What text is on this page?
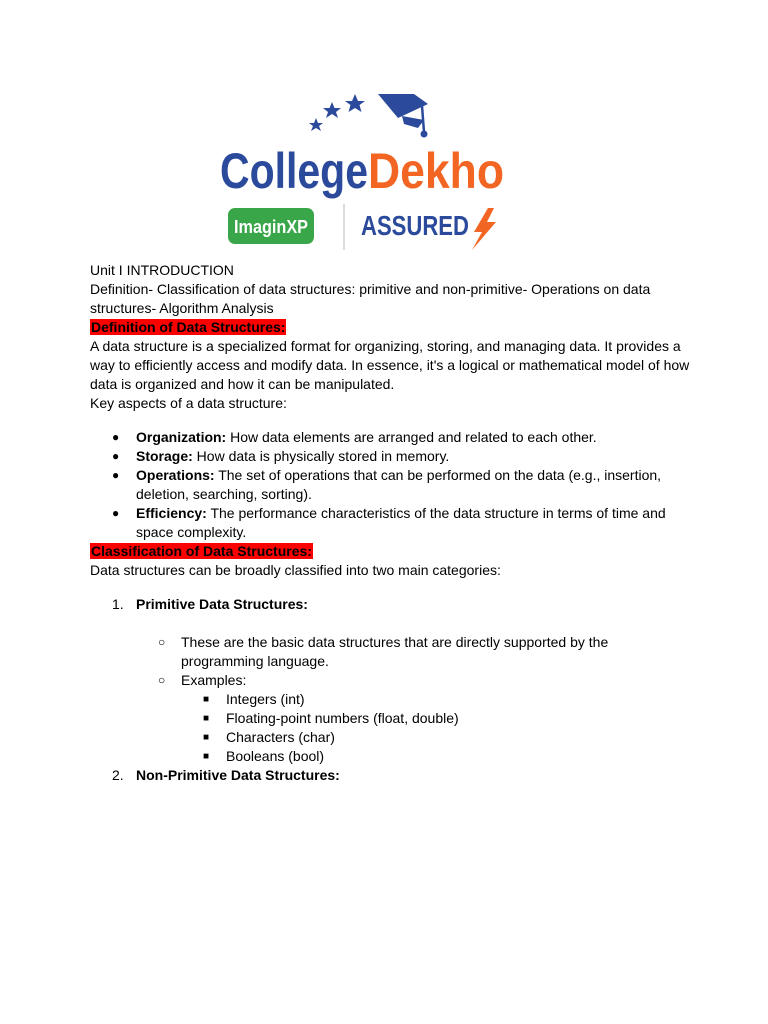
College Dekho
ImaginXP ASSURED

Unit I INTRODUCTION

Definition- Classification of data structures: primitive and non-primitive- Operations on data structures- Algorithm Analysis

Definition of Data Structures:

A data structure is a specialized format for organizing, storing, and managing data. It provides a way to efficiently access and modify data. In essence, it's a logical or mathematical model of how data is organized and how it can be manipulated.

Key aspects of a data structure:

● Organization: How data elements are arranged and related to each other.
● Storage: How data is physically stored in memory.
● Operations: The set of operations that can be performed on the data (e.g., insertion, deletion, searching, sorting).
● Efficiency: The performance characteristics of the data structure in terms of time and space complexity.

Classification of Data Structures:

Data structures can be broadly classified into two main categories:

1. Primitive Data Structures:
○ These are the basic data structures that are directly supported by the programming language.
○ Examples:
■ Integers (int)
■ Floating-point numbers (float, double)
■ Characters (char)
■ Booleans (bool)
2. Non-Primitive Data Structures:
